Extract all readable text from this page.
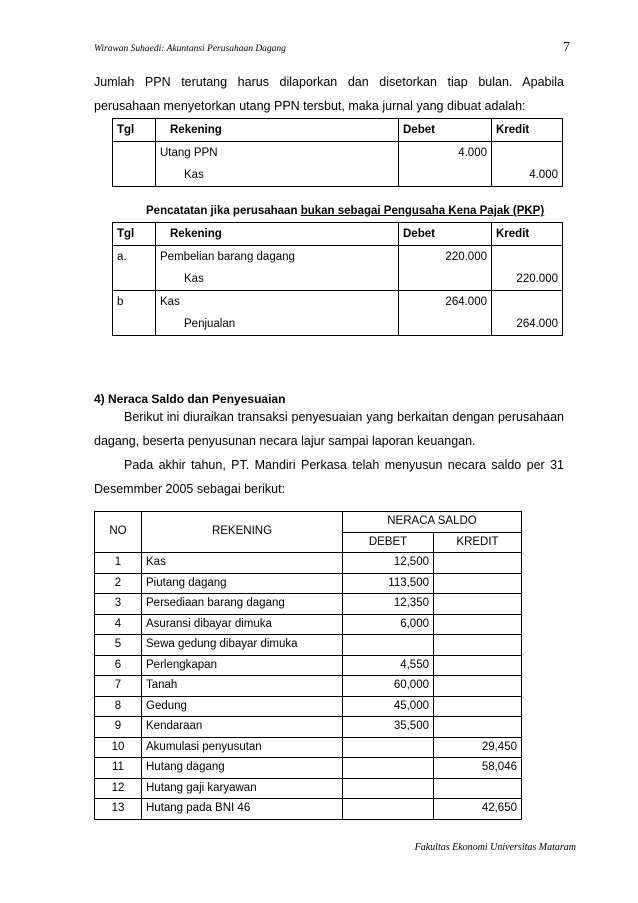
Wirawan Suhaedi: Akuntansi Perusahaan Dagang	7
Jumlah PPN terutang harus dilaporkan dan disetorkan tiap bulan. Apabila perusahaan menyetorkan utang PPN tersbut, maka jurnal yang dibuat adalah:
Tgl	Rekening	Debet	Kredit
	Utang PPN	4.000	
	Kas		4.000
Pencatatan jika perusahaan bukan sebagai Pengusaha Kena Pajak (PKP)
Tgl	Rekening	Debet	Kredit
a.	Pembelian barang dagang	220.000	
	Kas		220.000
b	Kas	264.000	
	Penjualan		264.000
4) Neraca Saldo dan Penyesuaian
Berikut ini diuraikan transaksi penyesuaian yang berkaitan dengan perusahaan dagang, beserta penyusunan necara lajur sampai laporan keuangan.
Pada akhir tahun, PT. Mandiri Perkasa telah menyusun necara saldo per 31 Desemmber 2005 sebagai berikut:
NO	REKENING	NERACA SALDO	
		DEBET	KREDIT
1	Kas	12,500	
2	Piutang dagang	113,500	
3	Persediaan barang dagang	12,350	
4	Asuransi dibayar dimuka	6,000	
5	Sewa gedung dibayar dimuka		
6	Perlengkapan	4,550	
7	Tanah	60,000	
8	Gedung	45,000	
9	Kendaraan	35,500	
10	Akumulasi penyusutan		29,450
11	Hutang dagang		58,046
12	Hutang gaji karyawan		
13	Hutang pada BNI 46		42,650
Fakultas Ekonomi Universitas Mataram
